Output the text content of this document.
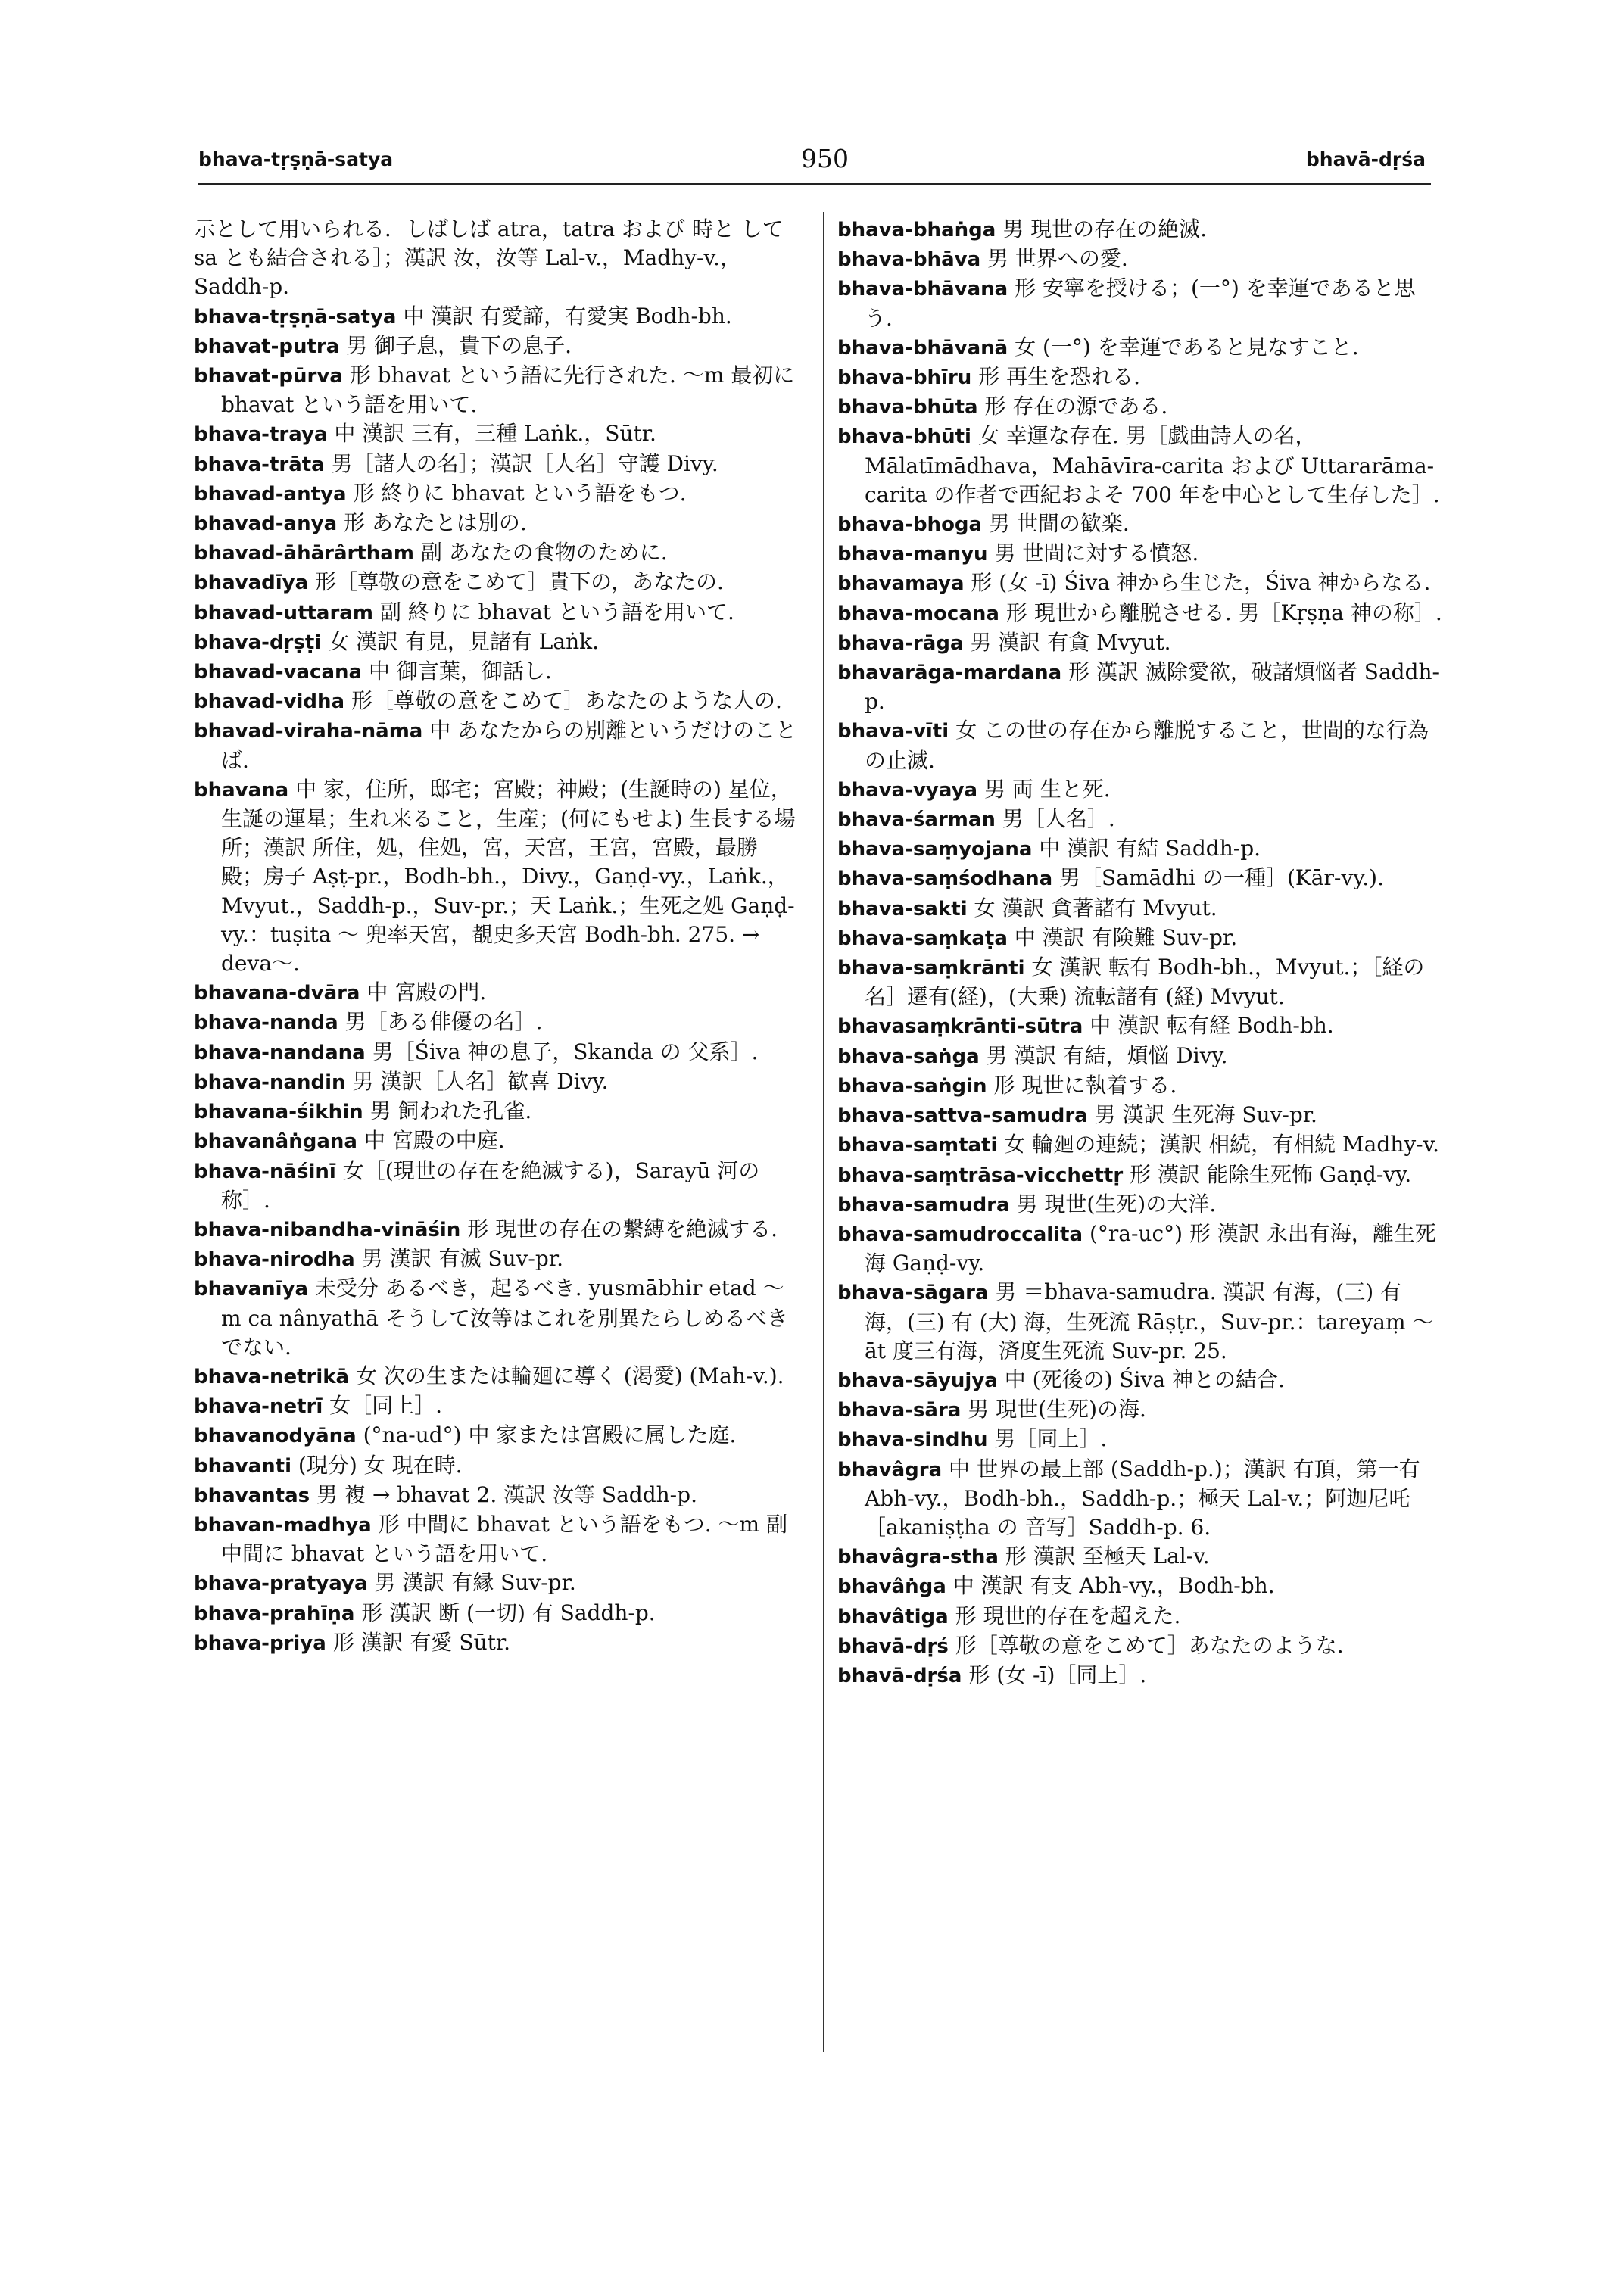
bhava-tṛṣṇā-satya	950	bhavā-dṛśa

示として用いられる．しばしば atra，tatra および 時と して sa とも結合される］；漢訳 汝，汝等 Lal-v.，Madhy-v.，Saddh-p.

bhava-tṛṣṇā-satya 中 漢訳 有愛諦，有愛実 Bodh-bh.

bhavat-putra 男 御子息，貴下の息子.

bhavat-pūrva 形 bhavat という語に先行された. ～m 最初に bhavat という語を用いて.

bhava-traya 中 漢訳 三有，三種 Laṅk.，Sūtr.

bhava-trāta 男［諸人の名］；漢訳［人名］守護 Divy.

bhavad-antya 形 終りに bhavat という語をもつ.

bhavad-anya 形 あなたとは別の.

bhavad-āhārârtham 副 あなたの食物のために.

bhavadīya 形［尊敬の意をこめて］貴下の，あなたの.

bhavad-uttaram 副 終りに bhavat という語を用いて.

bhava-dṛṣṭi 女 漢訳 有見，見諸有 Laṅk.

bhavad-vacana 中 御言葉，御話し.

bhavad-vidha 形［尊敬の意をこめて］あなたのような人の.

bhavad-viraha-nāma 中 あなたからの別離というだけのことば.

bhavana 中 家，住所，邸宅；宮殿；神殿；(生誕時の) 星位，生誕の運星；生れ来ること，生産；(何にもせよ) 生長する場所；漢訳 所住，処，住処，宮，天宮，王宮，宮殿，最勝殿；房子 Aṣṭ-pr.，Bodh-bh.，Divy.，Gaṇḍ-vy.，Laṅk.，Mvyut.，Saddh-p.，Suv-pr.；天 Laṅk.；生死之処 Gaṇḍ-vy.：tuṣita ～ 兜率天宮，覩史多天宮 Bodh-bh. 275. → deva～.

bhavana-dvāra 中 宮殿の門.

bhava-nanda 男［ある俳優の名］.

bhava-nandana 男［Śiva 神の息子，Skanda の 父系］.

bhava-nandin 男 漢訳［人名］歓喜 Divy.

bhavana-śikhin 男 飼われた孔雀.

bhavanâṅgana 中 宮殿の中庭.

bhava-nāśinī 女［(現世の存在を絶滅する)，Sarayū 河の称］.

bhava-nibandha-vināśin 形 現世の存在の繋縛を絶滅する.

bhava-nirodha 男 漢訳 有滅 Suv-pr.

bhavanīya 未受分 あるべき，起るべき. yusmābhir etad ～m ca nânyathā そうして汝等はこれを別異たらしめるべきでない.

bhava-netrikā 女 次の生または輪廻に導く (渇愛) (Mah-v.).

bhava-netrī 女［同上］.

bhavanodyāna (°na-ud°) 中 家または宮殿に属した庭.

bhavanti (現分) 女 現在時.

bhavantas 男 複 → bhavat 2. 漢訳 汝等 Saddh-p.

bhavan-madhya 形 中間に bhavat という語をもつ. ～m 副 中間に bhavat という語を用いて.

bhava-pratyaya 男 漢訳 有縁 Suv-pr.

bhava-prahīṇa 形 漢訳 断 (一切) 有 Saddh-p.

bhava-priya 形 漢訳 有愛 Sūtr.

bhava-bhaṅga 男 現世の存在の絶滅.

bhava-bhāva 男 世界への愛.

bhava-bhāvana 形 安寧を授ける；(一°) を幸運であると思う.

bhava-bhāvanā 女 (一°) を幸運であると見なすこと.

bhava-bhīru 形 再生を恐れる.

bhava-bhūta 形 存在の源である.

bhava-bhūti 女 幸運な存在. 男［戯曲詩人の名，Mālatīmādhava，Mahāvīra-carita および Uttararāma-carita の作者で西紀およそ 700 年を中心として生存した］.

bhava-bhoga 男 世間の歓楽.

bhava-manyu 男 世間に対する憤怒.

bhavamaya 形 (女 -ī) Śiva 神から生じた，Śiva 神からなる.

bhava-mocana 形 現世から離脱させる. 男［Kṛṣṇa 神の称］.

bhava-rāga 男 漢訳 有貪 Mvyut.

bhavarāga-mardana 形 漢訳 滅除愛欲，破諸煩悩者 Saddh-p.

bhava-vīti 女 この世の存在から離脱すること，世間的な行為の止滅.

bhava-vyaya 男 両 生と死.

bhava-śarman 男［人名］.

bhava-saṃyojana 中 漢訳 有結 Saddh-p.

bhava-saṃśodhana 男［Samādhi の一種］(Kār-vy.).

bhava-sakti 女 漢訳 貪著諸有 Mvyut.

bhava-saṃkaṭa 中 漢訳 有険難 Suv-pr.

bhava-saṃkrānti 女 漢訳 転有 Bodh-bh.，Mvyut.；［経の名］遷有(経)，(大乗) 流転諸有 (経) Mvyut.

bhavasaṃkrānti-sūtra 中 漢訳 転有経 Bodh-bh.

bhava-saṅga 男 漢訳 有結，煩悩 Divy.

bhava-saṅgin 形 現世に執着する.

bhava-sattva-samudra 男 漢訳 生死海 Suv-pr.

bhava-saṃtati 女 輪廻の連続；漢訳 相続，有相続 Madhy-v.

bhava-saṃtrāsa-vicchettṛ 形 漢訳 能除生死怖 Gaṇḍ-vy.

bhava-samudra 男 現世(生死)の大洋.

bhava-samudroccalita (°ra-uc°) 形 漢訳 永出有海，離生死海 Gaṇḍ-vy.

bhava-sāgara 男 ＝bhava-samudra. 漢訳 有海，(三) 有海，(三) 有 (大) 海，生死流 Rāṣṭr.，Suv-pr.：tareyaṃ ～āt 度三有海，済度生死流 Suv-pr. 25.

bhava-sāyujya 中 (死後の) Śiva 神との結合.

bhava-sāra 男 現世(生死)の海.

bhava-sindhu 男［同上］.

bhavâgra 中 世界の最上部 (Saddh-p.)；漢訳 有頂，第一有 Abh-vy.，Bodh-bh.，Saddh-p.；極天 Lal-v.；阿迦尼吒［akaniṣṭha の 音写］Saddh-p. 6.

bhavâgra-stha 形 漢訳 至極天 Lal-v.

bhavâṅga 中 漢訳 有支 Abh-vy.，Bodh-bh.

bhavâtiga 形 現世的存在を超えた.

bhavā-dṛś 形［尊敬の意をこめて］あなたのような.

bhavā-dṛśa 形 (女 -ī)［同上］.
